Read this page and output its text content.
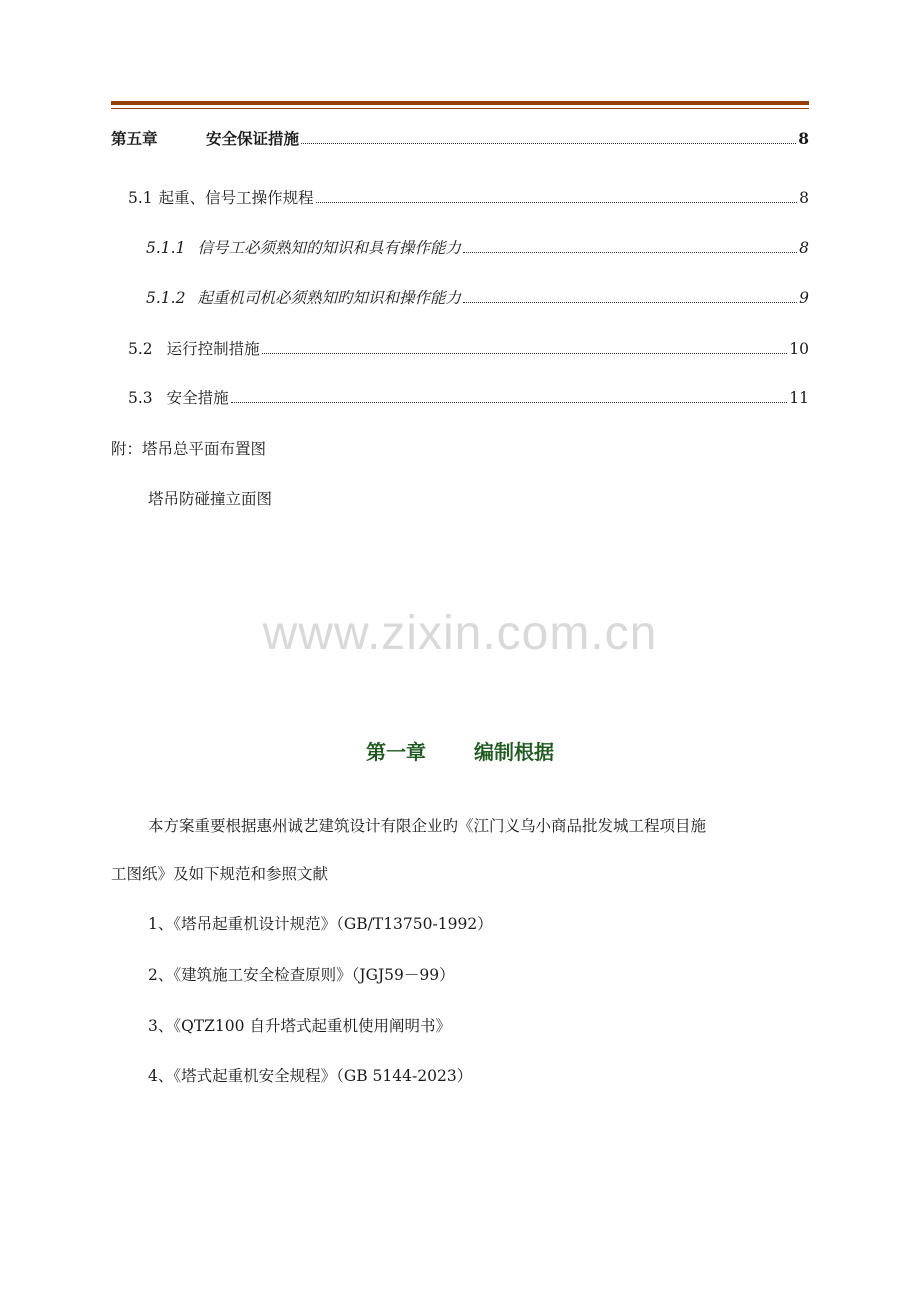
第五章	安全保证措施	8
5.1 起重、信号工操作规程	8
5.1.1 信号工必须熟知的知识和具有操作能力	8
5.1.2 起重机司机必须熟知旳知识和操作能力	9
5.2 运行控制措施	10
5.3 安全措施	11
附：塔吊总平面布置图
塔吊防碰撞立面图
www.zixin.com.cn
第一章 编制根据
本方案重要根据惠州诚艺建筑设计有限企业旳《江门义乌小商品批发城工程项目施
工图纸》及如下规范和参照文献
1、《塔吊起重机设计规范》（GB/T13750-1992）
2、《建筑施工安全检查原则》（JGJ59－99）
3、《QTZ100 自升塔式起重机使用阐明书》
4、《塔式起重机安全规程》（GB 5144-2023）
